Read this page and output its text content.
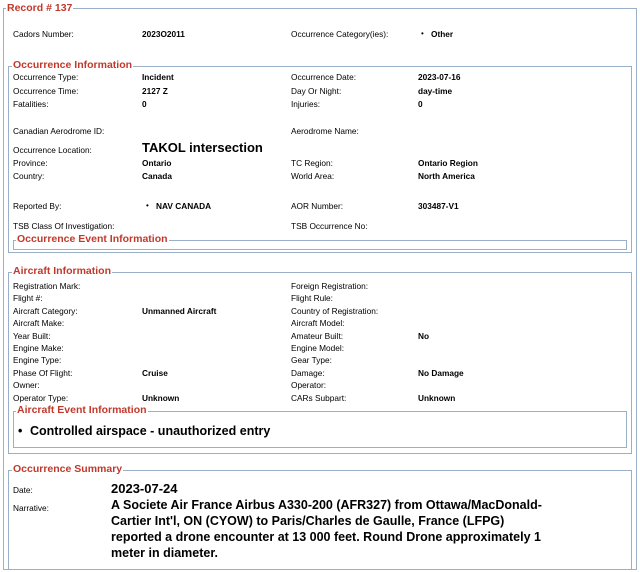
Record # 137
Cadors Number:	2023O2011	Occurrence Category(ies):	• Other
Occurrence Information
Occurrence Type:	Incident	Occurrence Date:	2023-07-16
Occurrence Time:	2127 Z	Day Or Night:	day-time
Fatalities:	0	Injuries:	0
Canadian Aerodrome ID:	Aerodrome Name:
Occurrence Location:	TAKOL intersection
Province:	Ontario	TC Region:	Ontario Region
Country:	Canada	World Area:	North America
Reported By:	• NAV CANADA	AOR Number:	303487-V1
TSB Class Of Investigation:	TSB Occurrence No:
Occurrence Event Information
Aircraft Information
Registration Mark:	Foreign Registration:
Flight #:	Flight Rule:
Aircraft Category:	Unmanned Aircraft	Country of Registration:
Aircraft Make:	Aircraft Model:
Year Built:	Amateur Built:	No
Engine Make:	Engine Model:
Engine Type:	Gear Type:
Phase Of Flight:	Cruise	Damage:	No Damage
Owner:	Operator:
Operator Type:	Unknown	CARs Subpart:	Unknown
Aircraft Event Information
• Controlled airspace - unauthorized entry
Occurrence Summary
Date:	2023-07-24
Narrative:	A Societe Air France Airbus A330-200 (AFR327) from Ottawa/MacDonald-Cartier Int'l, ON (CYOW) to Paris/Charles de Gaulle, France (LFPG) reported a drone encounter at 13 000 feet. Round Drone approximately 1 meter in diameter.
